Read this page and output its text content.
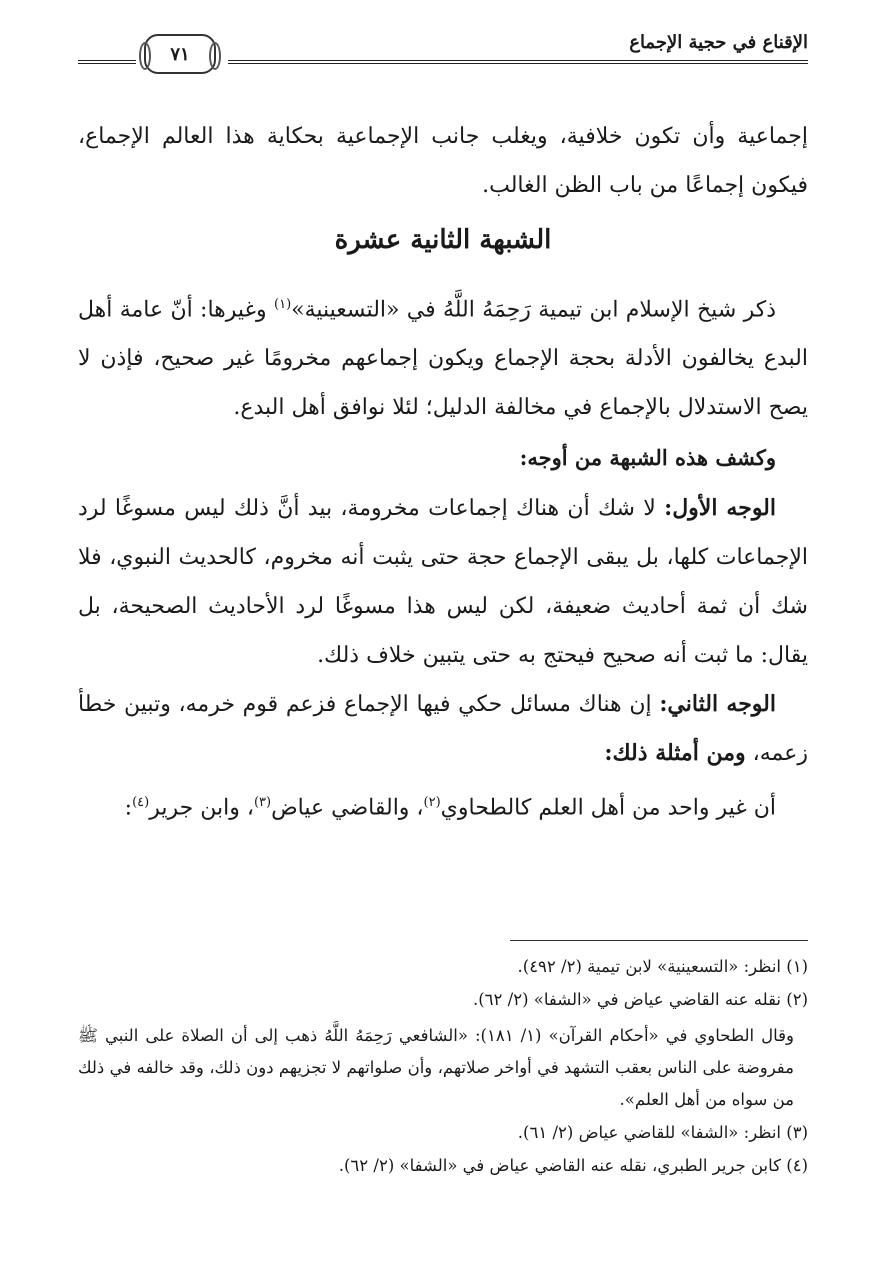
الإقناع في حجية الإجماع
٧١

إجماعية وأن تكون خلافية، ويغلب جانب الإجماعية بحكاية هذا العالم الإجماع، فيكون إجماعًا من باب الظن الغالب.

الشبهة الثانية عشرة

ذكر شيخ الإسلام ابن تيمية رَحِمَهُ اللَّهُ في «التسعينية»$^{(١)}$ وغيرها: أنّ عامة أهل البدع يخالفون الأدلة بحجة الإجماع ويكون إجماعهم مخرومًا غير صحيح، فإذن لا يصح الاستدلال بالإجماع في مخالفة الدليل؛ لئلا نوافق أهل البدع.

وكشف هذه الشبهة من أوجه:

الوجه الأول: لا شك أن هناك إجماعات مخرومة، بيد أنَّ ذلك ليس مسوغًا لرد الإجماعات كلها، بل يبقى الإجماع حجة حتى يثبت أنه مخروم، كالحديث النبوي، فلا شك أن ثمة أحاديث ضعيفة، لكن ليس هذا مسوغًا لرد الأحاديث الصحيحة، بل يقال: ما ثبت أنه صحيح فيحتج به حتى يتبين خلاف ذلك.

الوجه الثاني: إن هناك مسائل حكي فيها الإجماع فزعم قوم خرمه، وتبين خطأ زعمه، ومن أمثلة ذلك:

أن غير واحد من أهل العلم كالطحاوي$^{(٢)}$، والقاضي عياض$^{(٣)}$، وابن جرير$^{(٤)}$:

(١) انظر: «التسعينية» لابن تيمية (٢/ ٤٩٢).

(٢) نقله عنه القاضي عياض في «الشفا» (٢/ ٦٢).

وقال الطحاوي في «أحكام القرآن» (١/ ١٨١): «الشافعي رَحِمَهُ اللَّهُ ذهب إلى أن الصلاة على النبي ﷺ مفروضة على الناس بعقب التشهد في أواخر صلاتهم، وأن صلواتهم لا تجزيهم دون ذلك، وقد خالفه في ذلك من سواه من أهل العلم».

(٣) انظر: «الشفا» للقاضي عياض (٢/ ٦١).

(٤) كابن جرير الطبري، نقله عنه القاضي عياض في «الشفا» (٢/ ٦٢).
